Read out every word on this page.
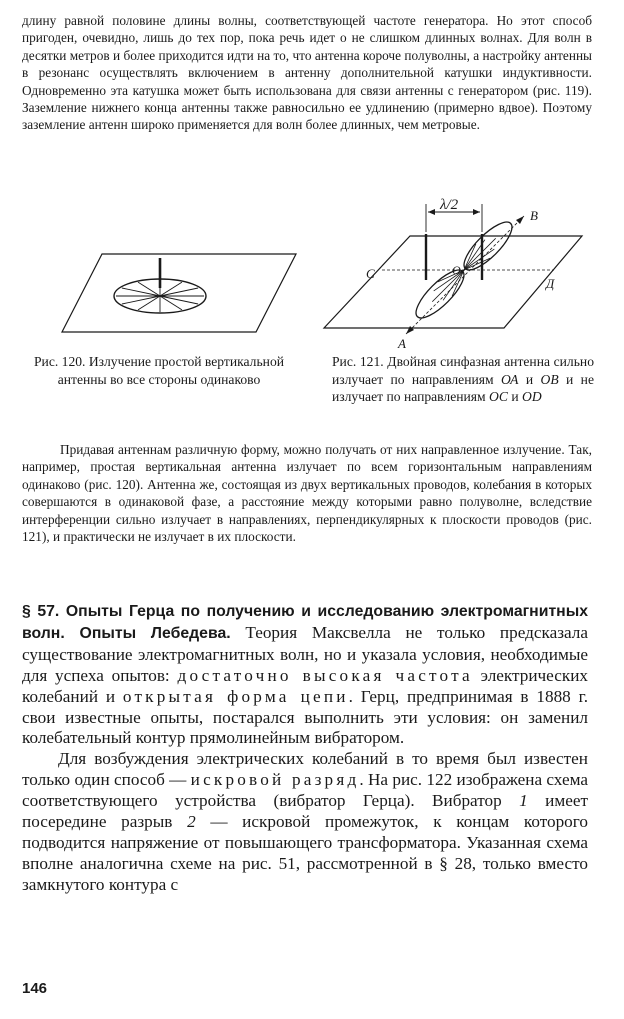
длину равной половине длины волны, соответствующей частоте генератора. Но этот способ пригоден, очевидно, лишь до тех пор, пока речь идет о не слишком длинных волнах. Для волн в десятки метров и более приходится идти на то, что антенна короче полуволны, а настройку антенны в резонанс осуществлять включением в антенну дополнительной катушки индуктивности. Одновременно эта катушка может быть использована для связи антенны с генератором (рис. 119). Заземление нижнего конца антенны также равносильно ее удлинению (примерно вдвое). Поэтому заземление антенн широко применяется для волн более длинных, чем метровые.

λ/2
В
С	О
Д
А
Рис. 120. Излучение простой вертикальной антенны во все стороны одинаково
Рис. 121. Двойная синфазная антенна сильно излучает по направлениям ОА и ОВ и не излучает по направлениям ОС и OD

Придавая антеннам различную форму, можно получать от них направленное излучение. Так, например, простая вертикальная антенна излучает по всем горизонтальным направлениям одинаково (рис. 120). Антенна же, состоящая из двух вертикальных проводов, колебания в которых совершаются в одинаковой фазе, а расстояние между которыми равно полуволне, вследствие интерференции сильно излучает в направлениях, перпендикулярных к плоскости проводов (рис. 121), и практически не излучает в их плоскости.

§ 57. Опыты Герца по получению и исследованию электромагнитных волн. Опыты Лебедева. Теория Максвелла не только предсказала существование электромагнитных волн, но и указала условия, необходимые для успеха опытов: достаточно высокая частота электрических колебаний и открытая форма цепи. Герц, предпринимая в 1888 г. свои известные опыты, постарался выполнить эти условия: он заменил колебательный контур прямолинейным вибратором.

Для возбуждения электрических колебаний в то время был известен только один способ — искровой разряд. На рис. 122 изображена схема соответствующего устройства (вибратор Герца). Вибратор 1 имеет посередине разрыв 2 — искровой промежуток, к концам которого подводится напряжение от повышающего трансформатора. Указанная схема вполне аналогична схеме на рис. 51, рассмотренной в § 28, только вместо замкнутого контура с

146
